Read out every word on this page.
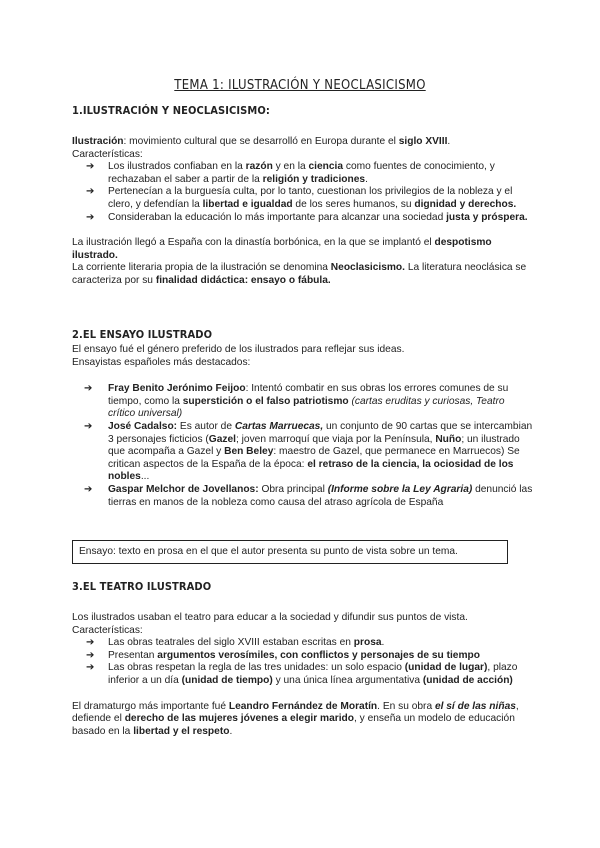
TEMA 1: ILUSTRACIÓN Y NEOCLASICISMO
1.ILUSTRACIÓN Y NEOCLASICISMO:

Ilustración: movimiento cultural que se desarrolló en Europa durante el siglo XVIII.

Características:

➔ Los ilustrados confiaban en la razón y en la ciencia como fuentes de conocimiento, y rechazaban el saber a partir de la religión y tradiciones.
➔ Pertenecían a la burguesía culta, por lo tanto, cuestionan los privilegios de la nobleza y el clero, y defendían la libertad e igualdad de los seres humanos, su dignidad y derechos.
➔ Consideraban la educación lo más importante para alcanzar una sociedad justa y próspera.

La ilustración llegó a España con la dinastía borbónica, en la que se implantó el despotismo ilustrado.

La corriente literaria propia de la ilustración se denomina Neoclasicismo. La literatura neoclásica se caracteriza por su finalidad didáctica: ensayo o fábula.

2.EL ENSAYO ILUSTRADO

El ensayo fué el género preferido de los ilustrados para reflejar sus ideas.

Ensayistas españoles más destacados:

➔ Fray Benito Jerónimo Feijoo: Intentó combatir en sus obras los errores comunes de su tiempo, como la superstición o el falso patriotismo (cartas eruditas y curiosas, Teatro crítico universal)
➔ José Cadalso: Es autor de Cartas Marruecas, un conjunto de 90 cartas que se intercambian 3 personajes ficticios (Gazel; joven marroquí que viaja por la Península, Nuño; un ilustrado que acompaña a Gazel y Ben Beley: maestro de Gazel, que permanece en Marruecos) Se critican aspectos de la España de la época: el retraso de la ciencia, la ociosidad de los nobles...
➔ Gaspar Melchor de Jovellanos: Obra principal (Informe sobre la Ley Agraria) denunció las tierras en manos de la nobleza como causa del atraso agrícola de España
Ensayo: texto en prosa en el que el autor presenta su punto de vista sobre un tema.
3.EL TEATRO ILUSTRADO

Los ilustrados usaban el teatro para educar a la sociedad y difundir sus puntos de vista.

Características:

➔ Las obras teatrales del siglo XVIII estaban escritas en prosa.
➔ Presentan argumentos verosímiles, con conflictos y personajes de su tiempo
➔ Las obras respetan la regla de las tres unidades: un solo espacio (unidad de lugar), plazo inferior a un día (unidad de tiempo) y una única línea argumentativa (unidad de acción)

El dramaturgo más importante fué Leandro Fernández de Moratín. En su obra el sí de las niñas, defiende el derecho de las mujeres jóvenes a elegir marido, y enseña un modelo de educación basado en la libertad y el respeto.
